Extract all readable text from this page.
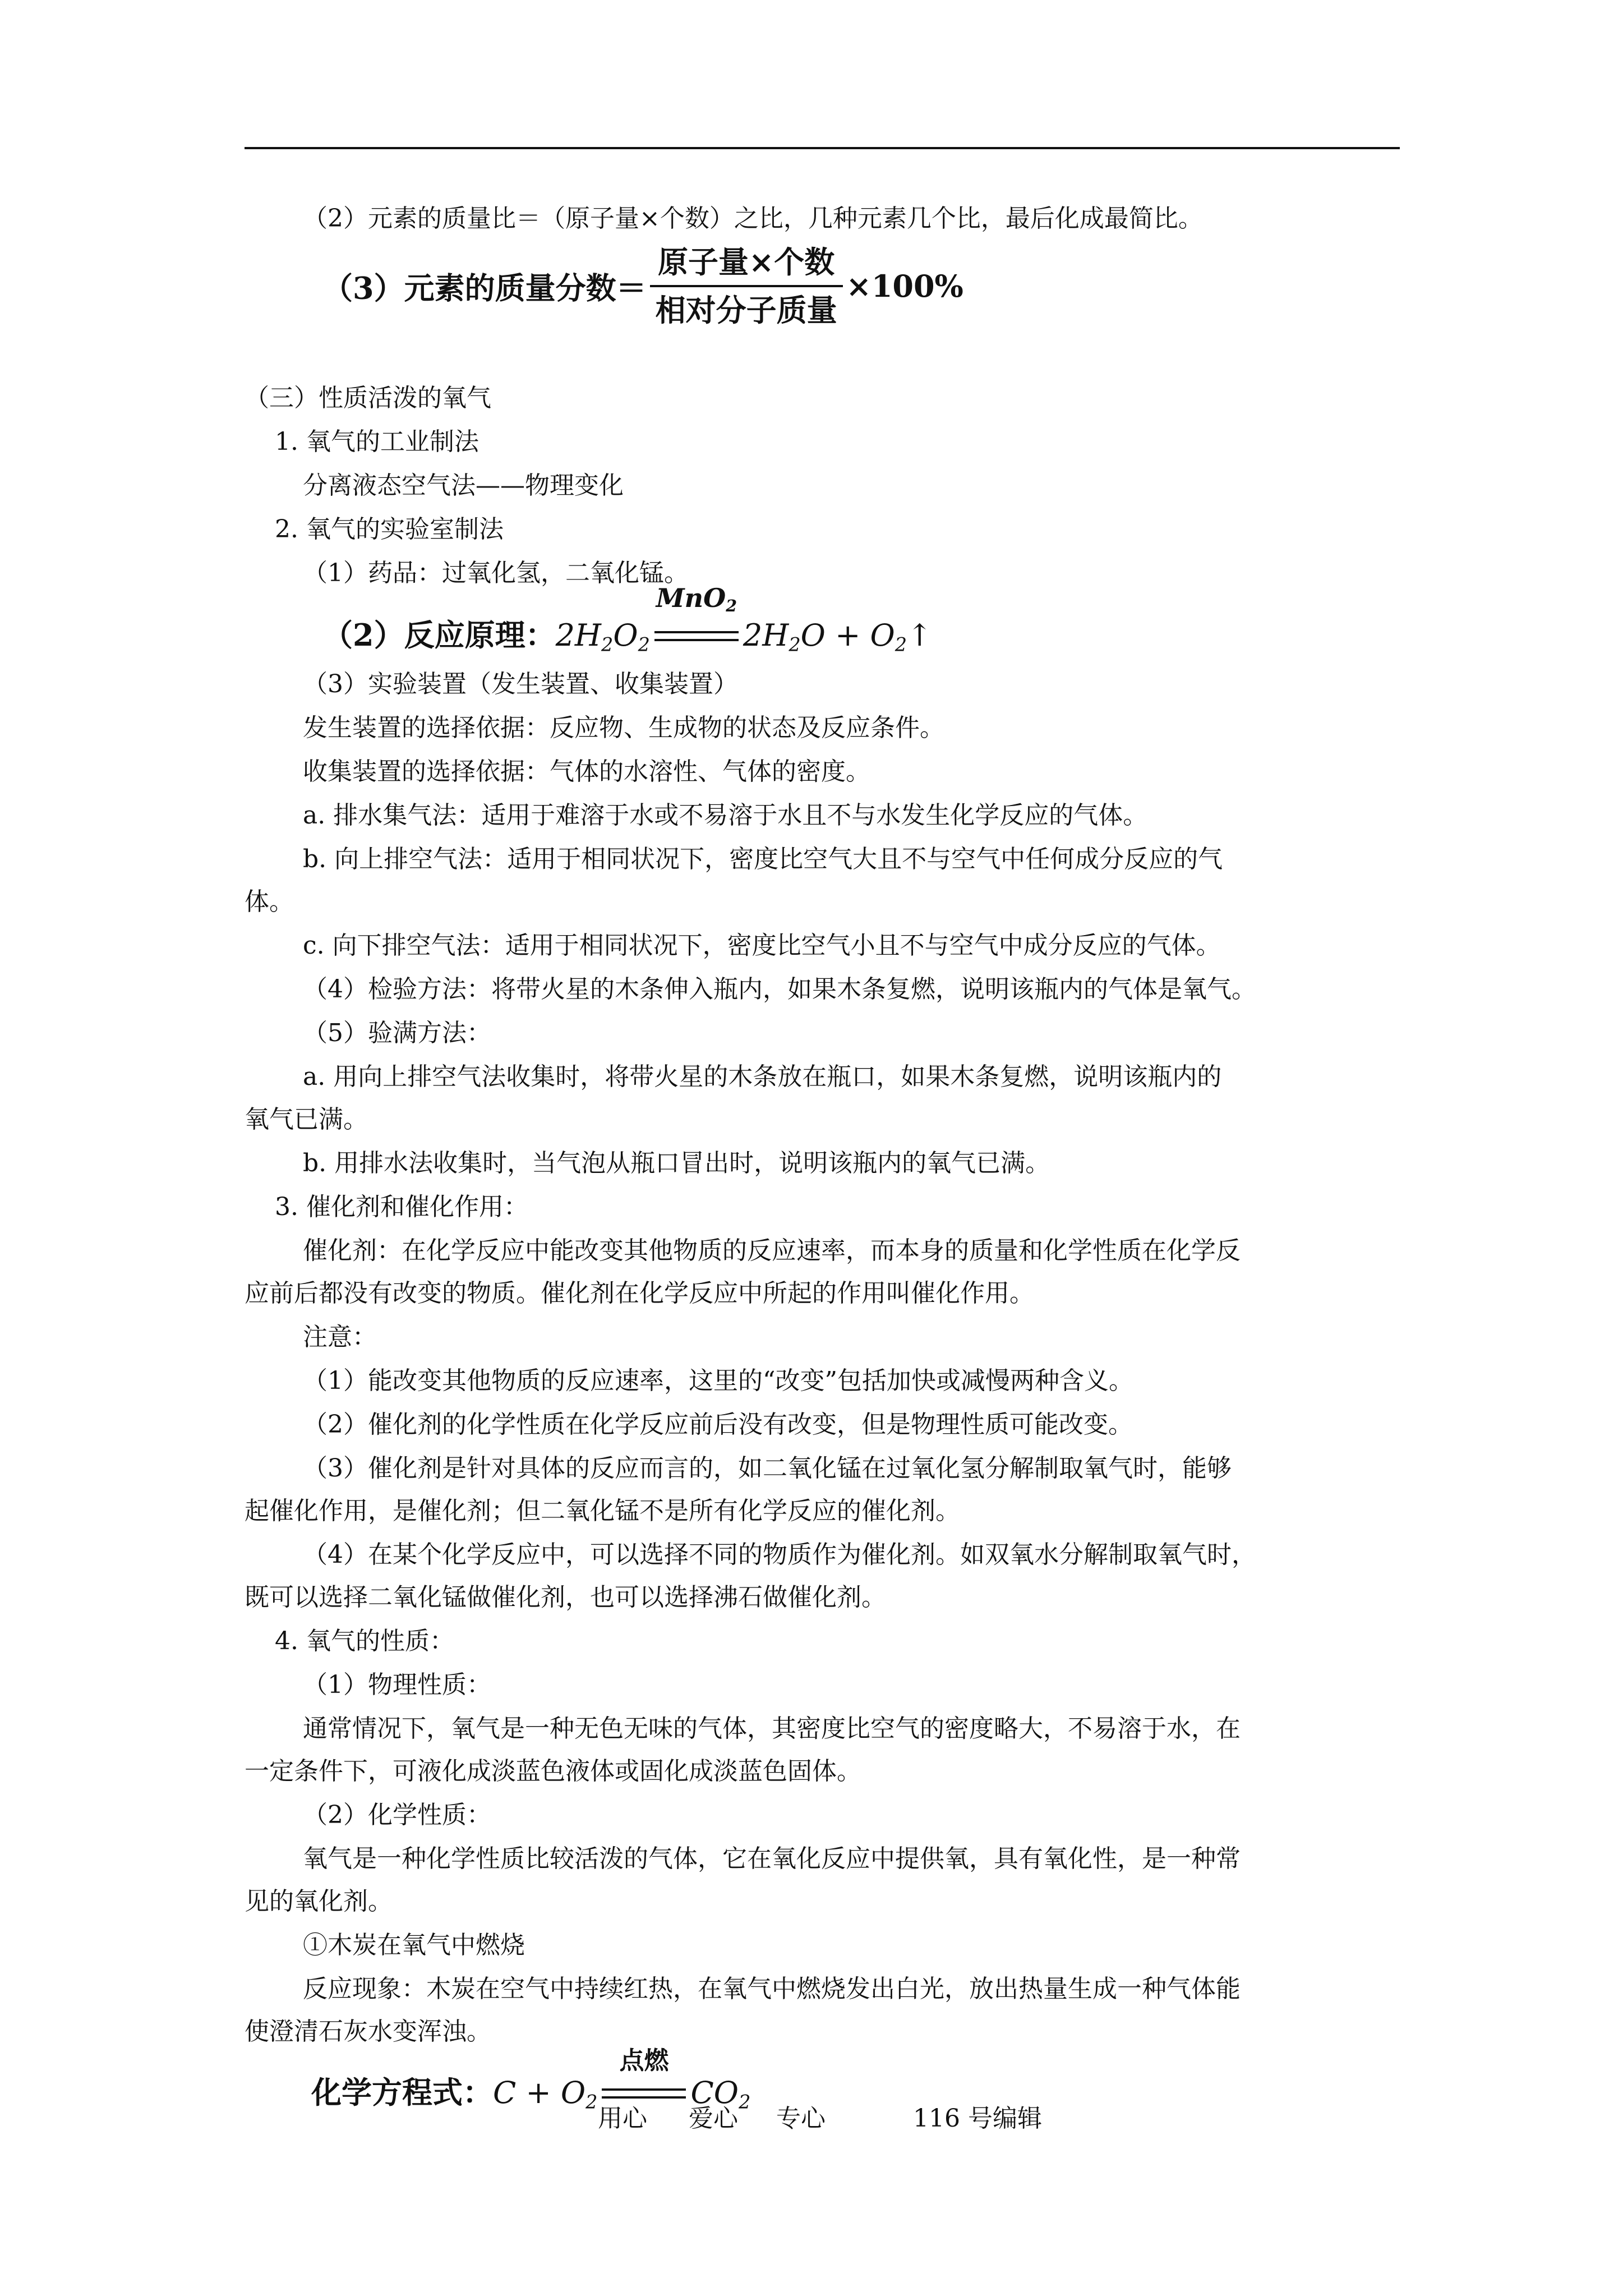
（2）元素的质量比＝（原子量×个数）之比，几种元素几个比，最后化成最简比。
（三）性质活泼的氧气
1. 氧气的工业制法
分离液态空气法——物理变化
2. 氧气的实验室制法
（1）药品：过氧化氢，二氧化锰。
（3）实验装置（发生装置、收集装置）
发生装置的选择依据：反应物、生成物的状态及反应条件。
收集装置的选择依据：气体的水溶性、气体的密度。
a. 排水集气法：适用于难溶于水或不易溶于水且不与水发生化学反应的气体。
b. 向上排空气法：适用于相同状况下，密度比空气大且不与空气中任何成分反应的气
体。
c. 向下排空气法：适用于相同状况下，密度比空气小且不与空气中成分反应的气体。
（4）检验方法：将带火星的木条伸入瓶内，如果木条复燃，说明该瓶内的气体是氧气。
（5）验满方法：
a. 用向上排空气法收集时，将带火星的木条放在瓶口，如果木条复燃，说明该瓶内的
氧气已满。
b. 用排水法收集时，当气泡从瓶口冒出时，说明该瓶内的氧气已满。
3. 催化剂和催化作用：
催化剂：在化学反应中能改变其他物质的反应速率，而本身的质量和化学性质在化学反
应前后都没有改变的物质。催化剂在化学反应中所起的作用叫催化作用。
注意：
（1）能改变其他物质的反应速率，这里的“改变”包括加快或减慢两种含义。
（2）催化剂的化学性质在化学反应前后没有改变，但是物理性质可能改变。
（3）催化剂是针对具体的反应而言的，如二氧化锰在过氧化氢分解制取氧气时，能够
起催化作用，是催化剂；但二氧化锰不是所有化学反应的催化剂。
（4）在某个化学反应中，可以选择不同的物质作为催化剂。如双氧水分解制取氧气时，
既可以选择二氧化锰做催化剂，也可以选择沸石做催化剂。
4. 氧气的性质：
（1）物理性质：
通常情况下，氧气是一种无色无味的气体，其密度比空气的密度略大，不易溶于水，在
一定条件下，可液化成淡蓝色液体或固化成淡蓝色固体。
（2）化学性质：
氧气是一种化学性质比较活泼的气体，它在氧化反应中提供氧，具有氧化性，是一种常
见的氧化剂。
①木炭在氧气中燃烧
反应现象：木炭在空气中持续红热，在氧气中燃烧发出白光，放出热量生成一种气体能
使澄清石灰水变浑浊。
（3）元素的质量分数＝ $\frac{\text{原子量×个数}}{\text{相对分子质量}} \times 100\%$
（2）反应原理：$2H_2O_2$
MnO$_2$
$2H_2O$ + $O_2↑$
化学方程式：$C + O_2$
点燃
$CO_2$
用心 爱心 专心	116 号编辑
